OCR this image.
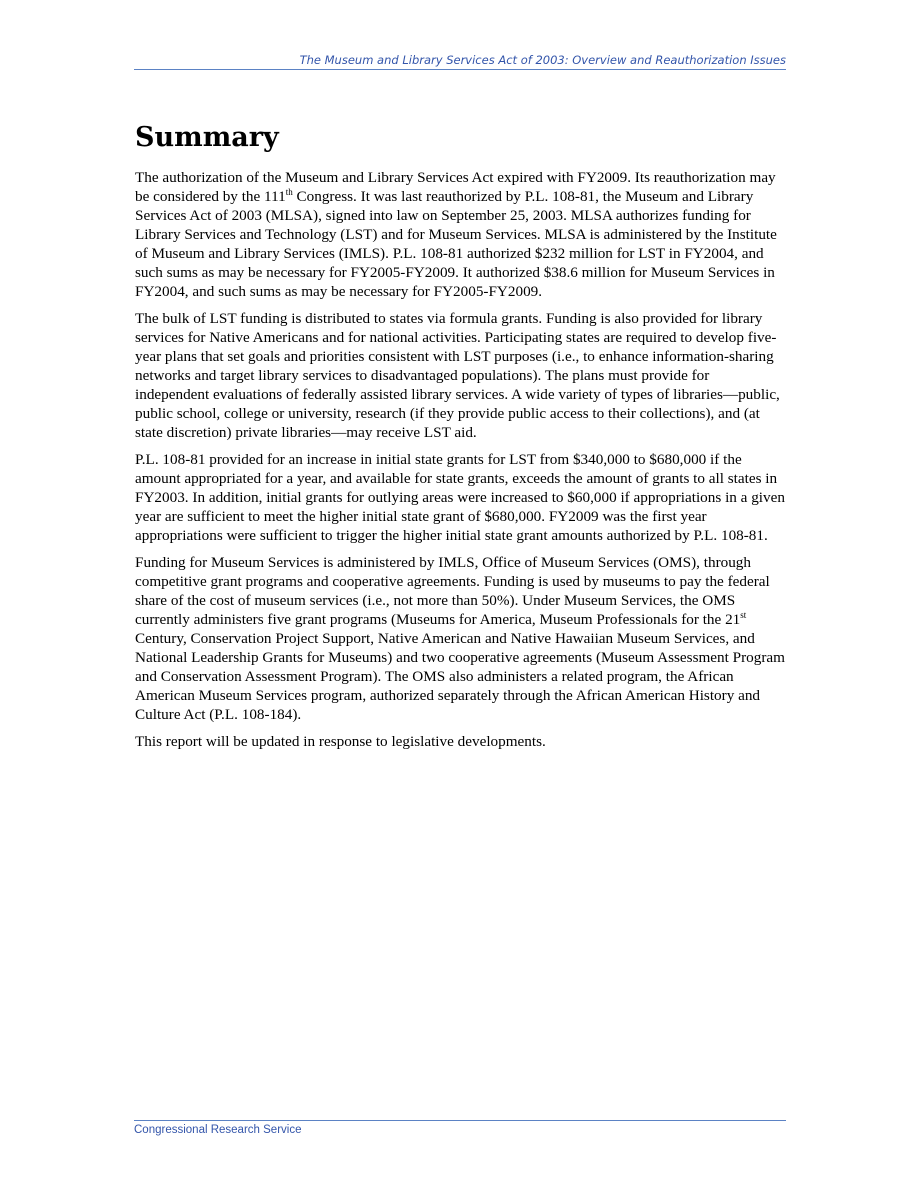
The Museum and Library Services Act of 2003: Overview and Reauthorization Issues
Summary

The authorization of the Museum and Library Services Act expired with FY2009. Its reauthorization may be considered by the 111th Congress. It was last reauthorized by P.L. 108-81, the Museum and Library Services Act of 2003 (MLSA), signed into law on September 25, 2003. MLSA authorizes funding for Library Services and Technology (LST) and for Museum Services. MLSA is administered by the Institute of Museum and Library Services (IMLS). P.L. 108-81 authorized $232 million for LST in FY2004, and such sums as may be necessary for FY2005-FY2009. It authorized $38.6 million for Museum Services in FY2004, and such sums as may be necessary for FY2005-FY2009.

The bulk of LST funding is distributed to states via formula grants. Funding is also provided for library services for Native Americans and for national activities. Participating states are required to develop five-year plans that set goals and priorities consistent with LST purposes (i.e., to enhance information-sharing networks and target library services to disadvantaged populations). The plans must provide for independent evaluations of federally assisted library services. A wide variety of types of libraries—public, public school, college or university, research (if they provide public access to their collections), and (at state discretion) private libraries—may receive LST aid.

P.L. 108-81 provided for an increase in initial state grants for LST from $340,000 to $680,000 if the amount appropriated for a year, and available for state grants, exceeds the amount of grants to all states in FY2003. In addition, initial grants for outlying areas were increased to $60,000 if appropriations in a given year are sufficient to meet the higher initial state grant of $680,000. FY2009 was the first year appropriations were sufficient to trigger the higher initial state grant amounts authorized by P.L. 108-81.

Funding for Museum Services is administered by IMLS, Office of Museum Services (OMS), through competitive grant programs and cooperative agreements. Funding is used by museums to pay the federal share of the cost of museum services (i.e., not more than 50%). Under Museum Services, the OMS currently administers five grant programs (Museums for America, Museum Professionals for the 21st Century, Conservation Project Support, Native American and Native Hawaiian Museum Services, and National Leadership Grants for Museums) and two cooperative agreements (Museum Assessment Program and Conservation Assessment Program). The OMS also administers a related program, the African American Museum Services program, authorized separately through the African American History and Culture Act (P.L. 108-184).

This report will be updated in response to legislative developments.

Congressional Research Service
